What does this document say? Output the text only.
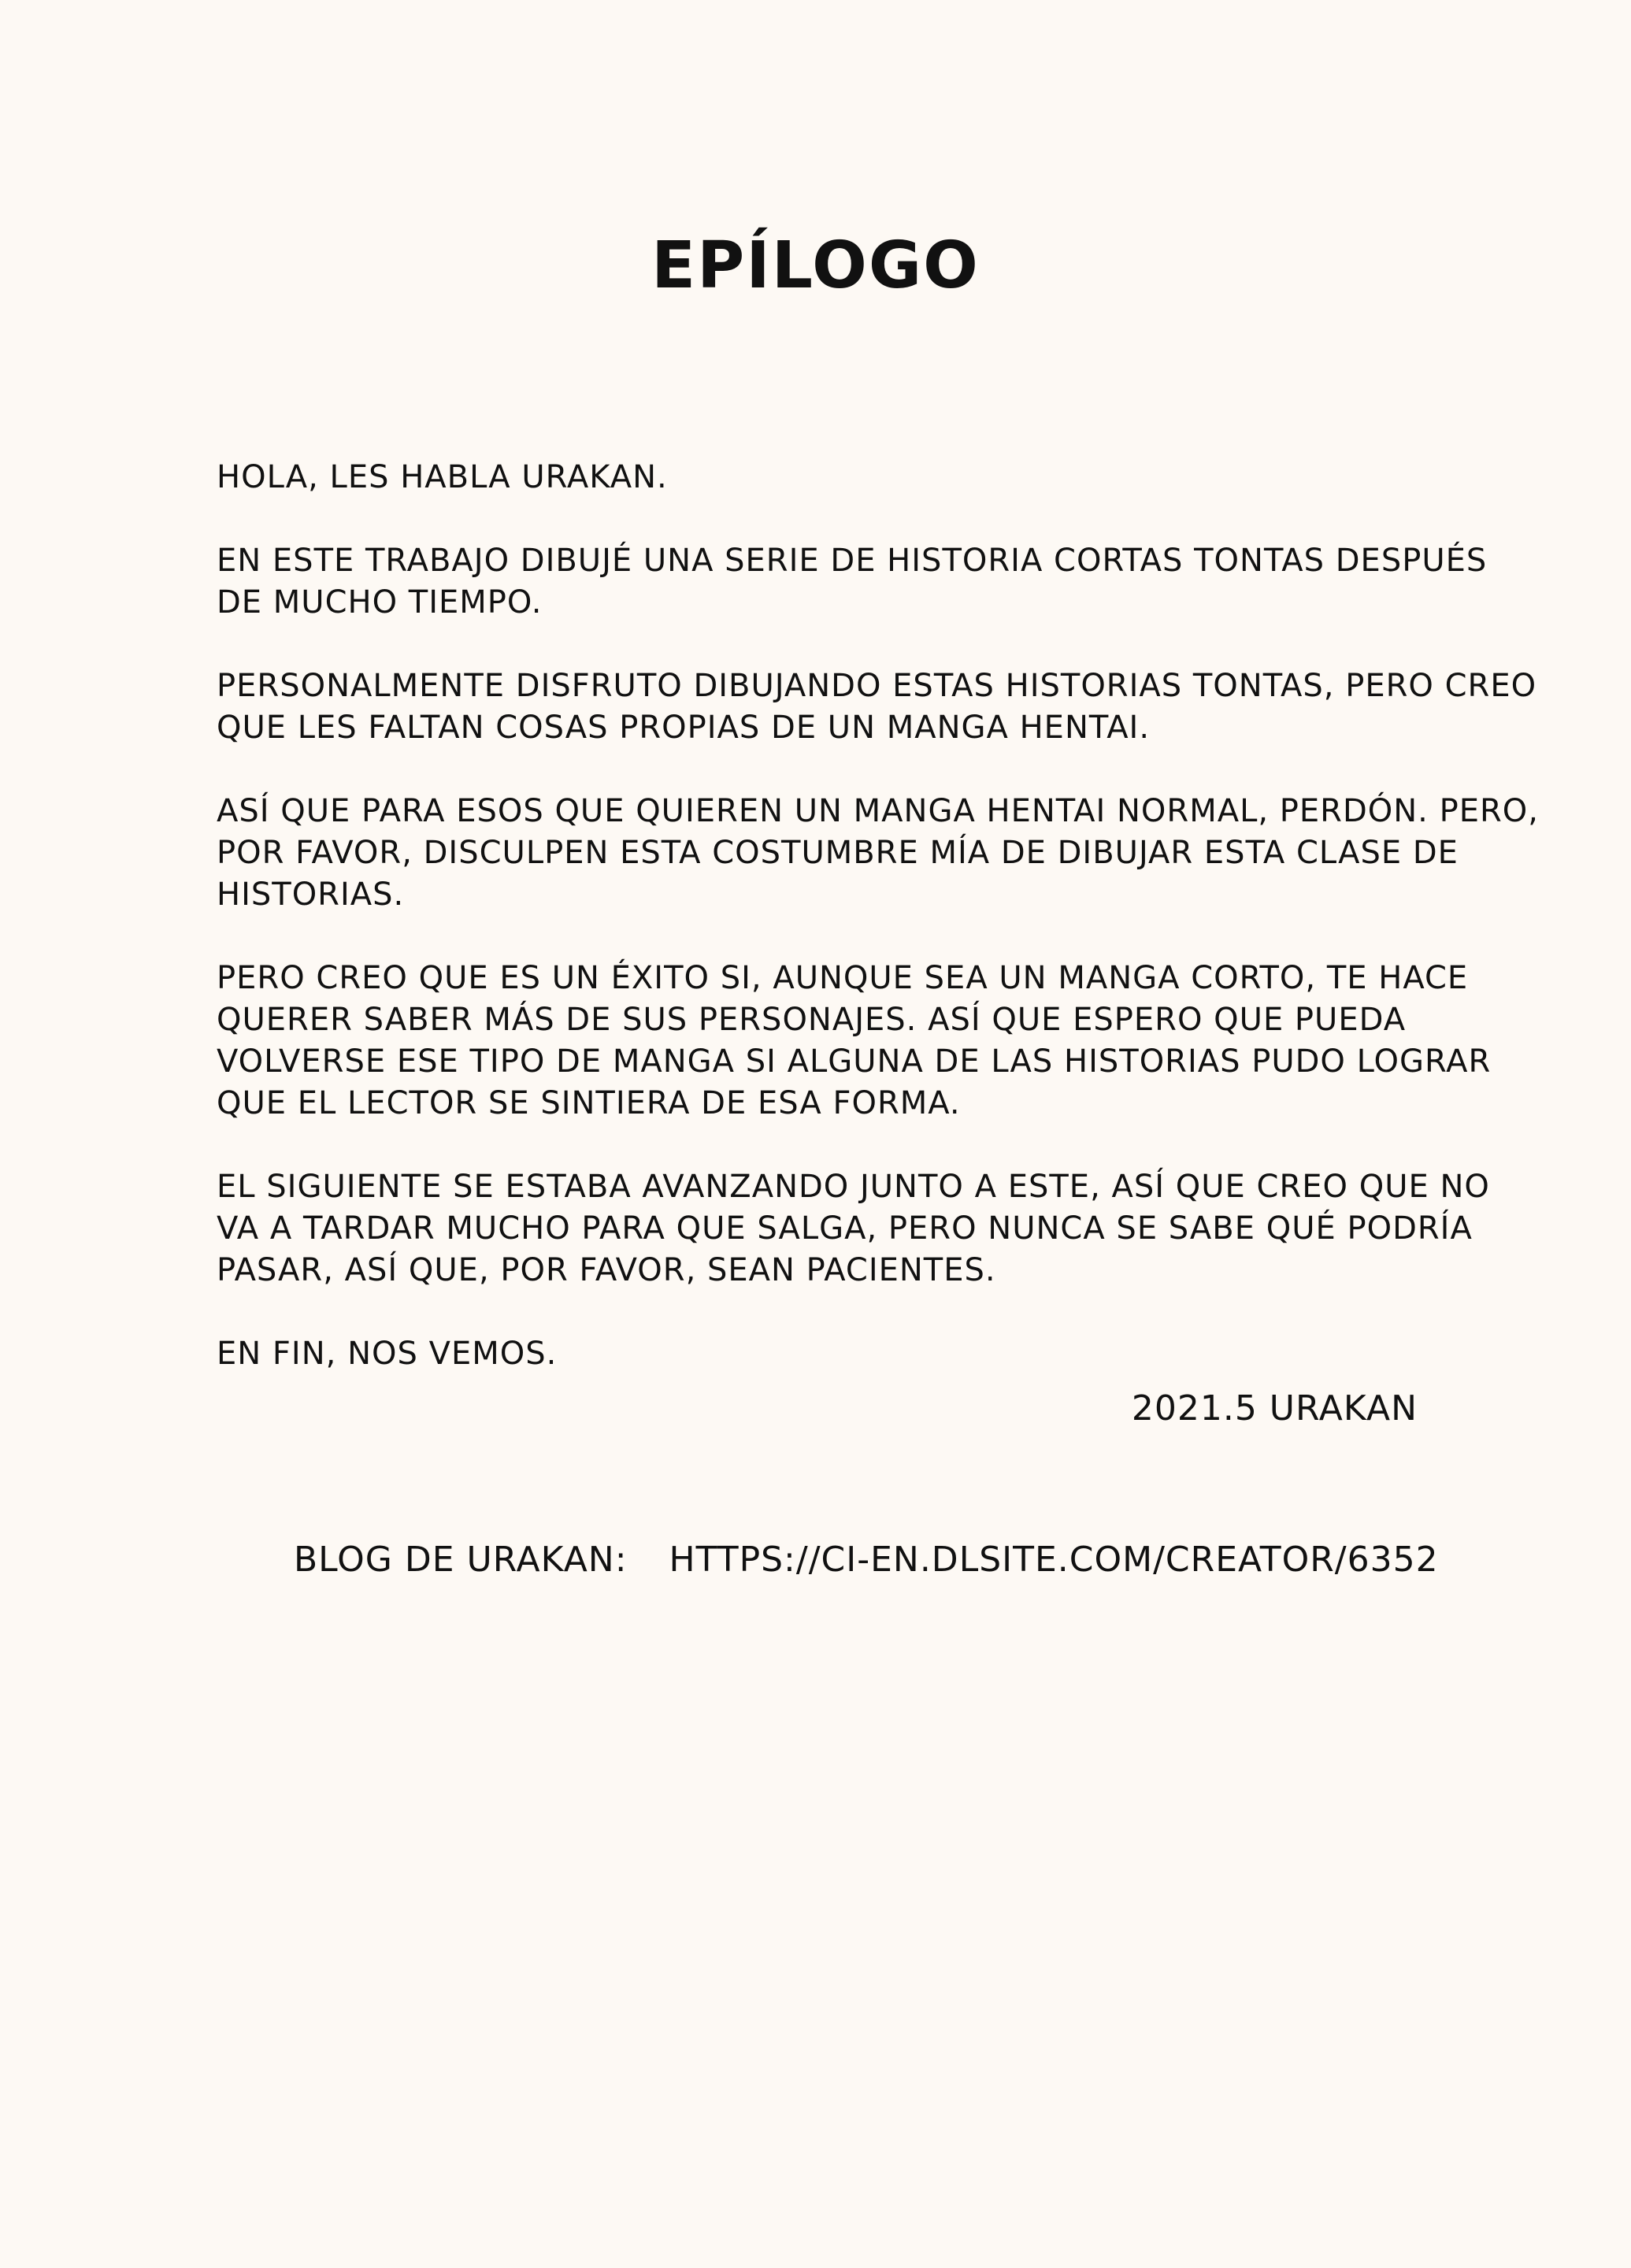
EPÍLOGO

HOLA, LES HABLA URAKAN.

EN ESTE TRABAJO DIBUJÉ UNA SERIE DE HISTORIA CORTAS TONTAS DESPUÉS
DE MUCHO TIEMPO.

PERSONALMENTE DISFRUTO DIBUJANDO ESTAS HISTORIAS TONTAS, PERO CREO
QUE LES FALTAN COSAS PROPIAS DE UN MANGA HENTAI.

ASÍ QUE PARA ESOS QUE QUIEREN UN MANGA HENTAI NORMAL, PERDÓN. PERO,
POR FAVOR, DISCULPEN ESTA COSTUMBRE MÍA DE DIBUJAR ESTA CLASE DE
HISTORIAS.

PERO CREO QUE ES UN ÉXITO SI, AUNQUE SEA UN MANGA CORTO, TE HACE
QUERER SABER MÁS DE SUS PERSONAJES. ASÍ QUE ESPERO QUE PUEDA
VOLVERSE ESE TIPO DE MANGA SI ALGUNA DE LAS HISTORIAS PUDO LOGRAR
QUE EL LECTOR SE SINTIERA DE ESA FORMA.

EL SIGUIENTE SE ESTABA AVANZANDO JUNTO A ESTE, ASÍ QUE CREO QUE NO
VA A TARDAR MUCHO PARA QUE SALGA, PERO NUNCA SE SABE QUÉ PODRÍA
PASAR, ASÍ QUE, POR FAVOR, SEAN PACIENTES.

EN FIN, NOS VEMOS.

2021.5 URAKAN
BLOG DE URAKAN: HTTPS://CI-EN.DLSITE.COM/CREATOR/6352
